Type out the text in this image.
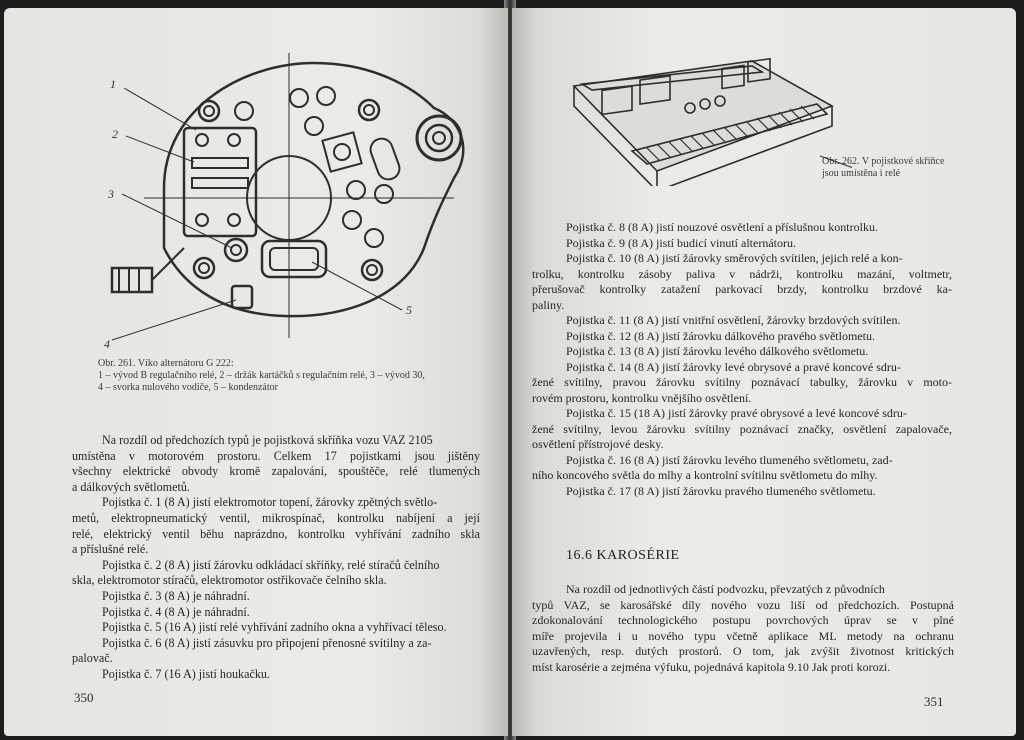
1
2
3
4
5
Obr. 261. Víko alternátoru G 222:
1 – vývod B regulačního relé, 2 – držák kartáčků s regulačním relé, 3 – vývod 30,
4 – svorka nulového vodiče, 5 – kondenzátor
Na rozdíl od předchozích typů je pojistková skříňka vozu VAZ 2105
umístěna v motorovém prostoru. Celkem 17 pojistkami jsou jištěny
všechny elektrické obvody kromě zapalování, spouštěče, relé tlumených
a dálkových světlometů.
Pojistka č. 1 (8 A) jistí elektromotor topení, žárovky zpětných světlo-
metů, elektropneumatický ventil, mikrospínač, kontrolku nabíjení a její
relé, elektrický ventil běhu naprázdno, kontrolku vyhřívání zadního skla
a příslušné relé.
Pojistka č. 2 (8 A) jistí žárovku odkládací skříňky, relé stíračů čelního
skla, elektromotor stíračů, elektromotor ostřikovače čelního skla.
Pojistka č. 3 (8 A) je náhradní.
Pojistka č. 4 (8 A) je náhradní.
Pojistka č. 5 (16 A) jistí relé vyhřívání zadního okna a vyhřívací těleso.
Pojistka č. 6 (8 A) jistí zásuvku pro připojení přenosné svítilny a za-
palovač.
Pojistka č. 7 (16 A) jistí houkačku.
350
Obr. 262. V pojistkové skříňce
jsou umístěna i relé
Pojistka č. 8 (8 A) jistí nouzové osvětlení a příslušnou kontrolku.
Pojistka č. 9 (8 A) jistí budicí vinutí alternátoru.
Pojistka č. 10 (8 A) jistí žárovky směrových svítilen, jejich relé a kon-
trolku, kontrolku zásoby paliva v nádrži, kontrolku mazání, voltmetr,
přerušovač kontrolky zatažení parkovací brzdy, kontrolku brzdové ka-
paliny.
Pojistka č. 11 (8 A) jistí vnitřní osvětlení, žárovky brzdových svítilen.
Pojistka č. 12 (8 A) jistí žárovku dálkového pravého světlometu.
Pojistka č. 13 (8 A) jistí žárovku levého dálkového světlometu.
Pojistka č. 14 (8 A) jistí žárovky levé obrysové a pravé koncové sdru-
žené svítilny, pravou žárovku svítilny poznávací tabulky, žárovku v moto-
rovém prostoru, kontrolku vnějšího osvětlení.
Pojistka č. 15 (18 A) jistí žárovky pravé obrysové a levé koncové sdru-
žené svítilny, levou žárovku svítilny poznávací značky, osvětlení zapalovače,
osvětlení přístrojové desky.
Pojistka č. 16 (8 A) jistí žárovku levého tlumeného světlometu, zad-
ního koncového světla do mlhy a kontrolní svítilnu světlometu do mlhy.
Pojistka č. 17 (8 A) jistí žárovku pravého tlumeného světlometu.
16.6 KAROSÉRIE
Na rozdíl od jednotlivých částí podvozku, převzatých z původních
typů VAZ, se karosářské díly nového vozu liší od předchozích. Postupná
zdokonalování technologického postupu povrchových úprav se v plné
míře projevila i u nového typu včetně aplikace ML metody na ochranu
uzavřených, resp. dutých prostorů. O tom, jak zvýšit životnost kritických
míst karosérie a zejména výfuku, pojednává kapitola 9.10 Jak proti korozi.
351
